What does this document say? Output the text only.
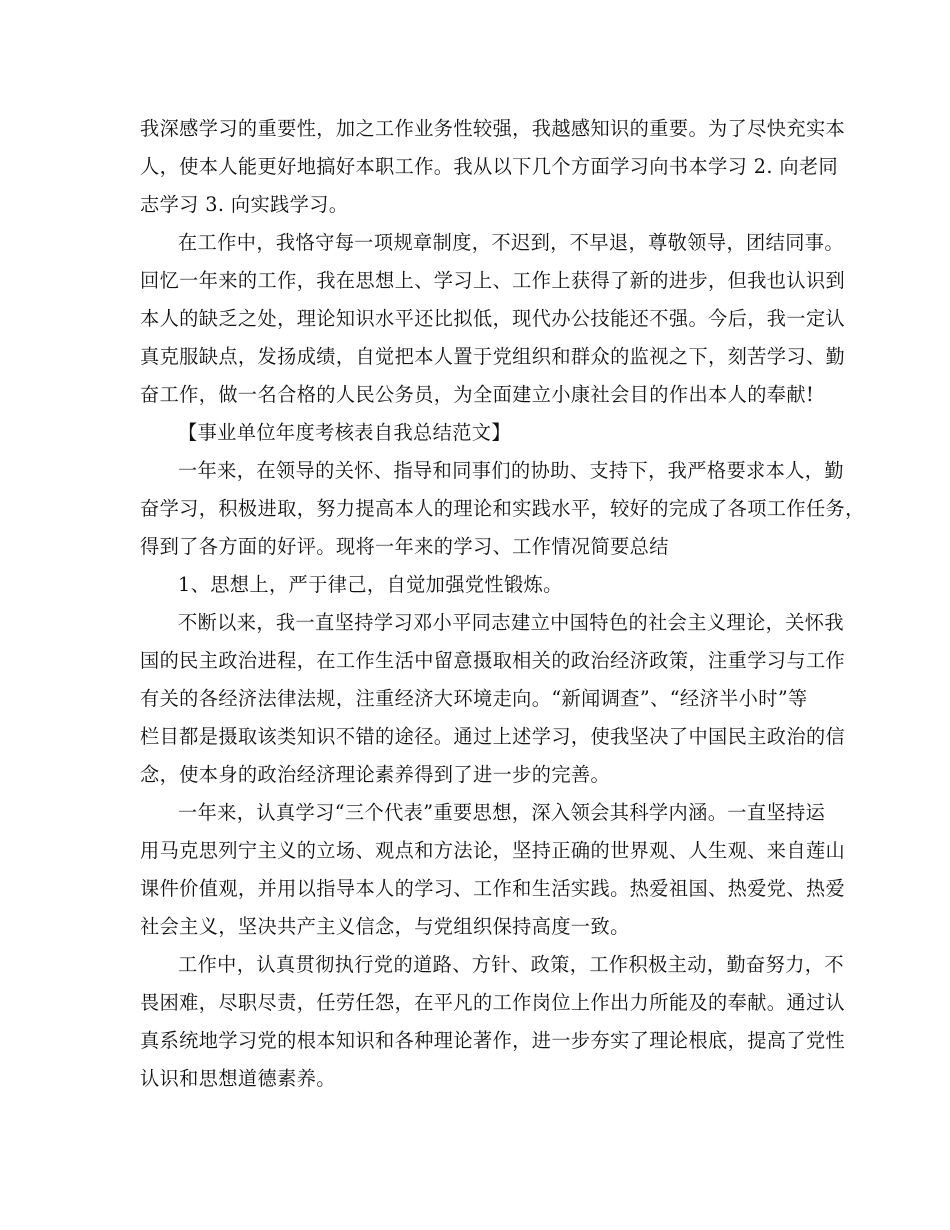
我深感学习的重要性，加之工作业务性较强，我越感知识的重要。为了尽快充实本
人，使本人能更好地搞好本职工作。我从以下几个方面学习向书本学习 2. 向老同
志学习 3. 向实践学习。
在工作中，我恪守每一项规章制度，不迟到，不早退，尊敬领导，团结同事。
回忆一年来的工作，我在思想上、学习上、工作上获得了新的进步，但我也认识到
本人的缺乏之处，理论知识水平还比拟低，现代办公技能还不强。今后，我一定认
真克服缺点，发扬成绩，自觉把本人置于党组织和群众的监视之下，刻苦学习、勤
奋工作，做一名合格的人民公务员，为全面建立小康社会目的作出本人的奉献!
【事业单位年度考核表自我总结范文】
一年来，在领导的关怀、指导和同事们的协助、支持下，我严格要求本人，勤
奋学习，积极进取，努力提高本人的理论和实践水平，较好的完成了各项工作任务，
得到了各方面的好评。现将一年来的学习、工作情况简要总结
1、思想上，严于律己，自觉加强党性锻炼。
不断以来，我一直坚持学习邓小平同志建立中国特色的社会主义理论，关怀我
国的民主政治进程，在工作生活中留意摄取相关的政治经济政策，注重学习与工作
有关的各经济法律法规，注重经济大环境走向。“新闻调查”、“经济半小时”等
栏目都是摄取该类知识不错的途径。通过上述学习，使我坚决了中国民主政治的信
念，使本身的政治经济理论素养得到了进一步的完善。
一年来，认真学习“三个代表”重要思想，深入领会其科学内涵。一直坚持运
用马克思列宁主义的立场、观点和方法论，坚持正确的世界观、人生观、来自莲山
课件价值观，并用以指导本人的学习、工作和生活实践。热爱祖国、热爱党、热爱
社会主义，坚决共产主义信念，与党组织保持高度一致。
工作中，认真贯彻执行党的道路、方针、政策，工作积极主动，勤奋努力，不
畏困难，尽职尽责，任劳任怨，在平凡的工作岗位上作出力所能及的奉献。通过认
真系统地学习党的根本知识和各种理论著作，进一步夯实了理论根底，提高了党性
认识和思想道德素养。
